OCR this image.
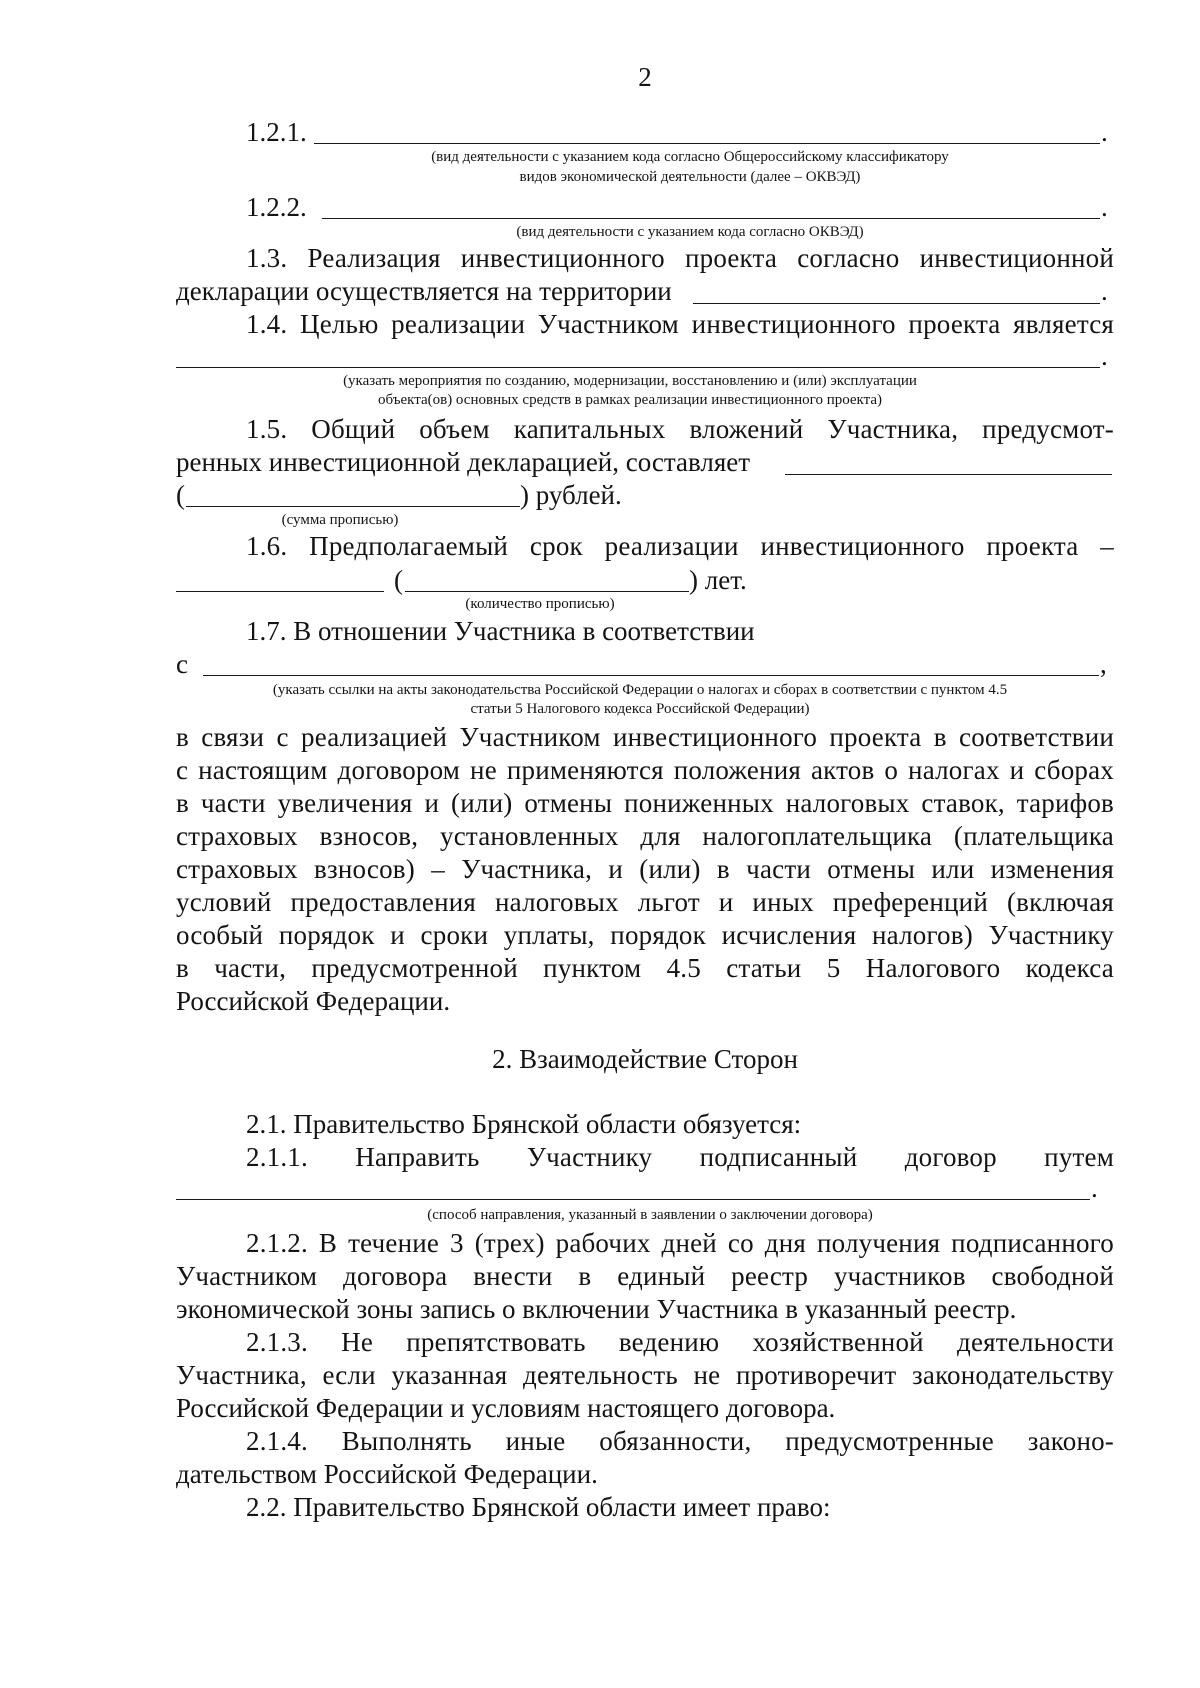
2
1.2.1.	.
(вид деятельности с указанием кода согласно Общероссийскому классификатору
видов экономической деятельности (далее – ОКВЭД)
1.2.2.	.
(вид деятельности с указанием кода согласно ОКВЭД)
1.3. Реализация инвестиционного проекта согласно инвестиционной
декларации осуществляется на территории	.
1.4. Целью реализации Участником инвестиционного проекта является
.
(указать мероприятия по созданию, модернизации, восстановлению и (или) эксплуатации
объекта(ов) основных средств в рамках реализации инвестиционного проекта)
1.5. Общий объем капитальных вложений Участника, предусмот-
ренных инвестиционной декларацией, составляет
(	) рублей.
(сумма прописью)
1.6. Предполагаемый срок реализации инвестиционного проекта –
(	) лет.
(количество прописью)
1.7. В отношении Участника в соответствии
с	,
(указать ссылки на акты законодательства Российской Федерации о налогах и сборах в соответствии с пунктом 4.5
статьи 5 Налогового кодекса Российской Федерации)
в связи с реализацией Участником инвестиционного проекта в соответствии
с настоящим договором не применяются положения актов о налогах и сборах
в части увеличения и (или) отмены пониженных налоговых ставок, тарифов
страховых взносов, установленных для налогоплательщика (плательщика
страховых взносов) – Участника, и (или) в части отмены или изменения
условий предоставления налоговых льгот и иных преференций (включая
особый порядок и сроки уплаты, порядок исчисления налогов) Участнику
в части, предусмотренной пунктом 4.5 статьи 5 Налогового кодекса
Российской Федерации.
2. Взаимодействие Сторон
2.1. Правительство Брянской области обязуется:
2.1.1. Направить Участнику подписанный договор путем
.
(способ направления, указанный в заявлении о заключении договора)
2.1.2. В течение 3 (трех) рабочих дней со дня получения подписанного
Участником договора внести в единый реестр участников свободной
экономической зоны запись о включении Участника в указанный реестр.
2.1.3. Не препятствовать ведению хозяйственной деятельности
Участника, если указанная деятельность не противоречит законодательству
Российской Федерации и условиям настоящего договора.
2.1.4. Выполнять иные обязанности, предусмотренные законо-
дательством Российской Федерации.
2.2. Правительство Брянской области имеет право:
